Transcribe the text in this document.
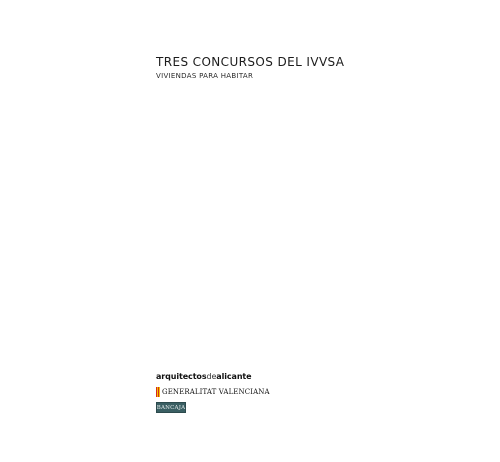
TRES CONCURSOS DEL IVVSA

VIVIENDAS PARA HABITAR

arquitectosdealicante
GENERALITAT VALENCIANA
BANCAJA
